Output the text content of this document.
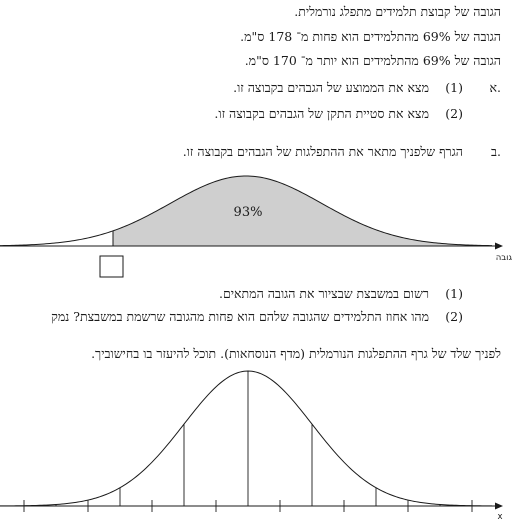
הגובה של קבוצת תלמידים מתפלג נורמלית.
הגובה של 69% מהתלמידים הוא פחות מ־ 178 ס"מ.
הגובה של 69% מהתלמידים הוא יותר מ־ 170 ס"מ.
א.
(1)
מצא את הממוצע של הגבהים בקבוצה זו.
(2)
מצא את סטיית התקן של הגבהים בקבוצה זו.
ב.
הגרף שלפניך מתאר את ההתפלגות של הגבהים בקבוצה זו.
93%
גובה
(1)
רשום במשבצת שבציור את הגובה המתאים.
(2)
מהו אחוז התלמידים שהגובה שלהם הוא פחות מהגובה שרשמת במשבצת? נמק
לפניך שלד של גרף ההתפלגות הנורמלית (מדף הנוסחאות). תוכל להיעזר בו בחישוביך.
x
